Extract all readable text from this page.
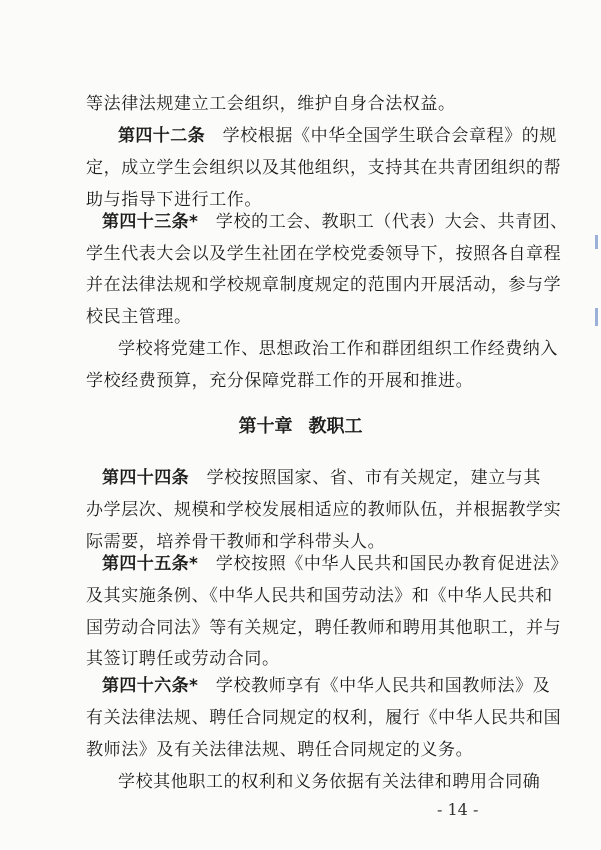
等法律法规建立工会组织，维护自身合法权益。
第四十二条　学校根据《中华全国学生联合会章程》的规
定，成立学生会组织以及其他组织，支持其在共青团组织的帮
助与指导下进行工作。
第四十三条*　学校的工会、教职工（代表）大会、共青团、
学生代表大会以及学生社团在学校党委领导下，按照各自章程
并在法律法规和学校规章制度规定的范围内开展活动，参与学
校民主管理。
学校将党建工作、思想政治工作和群团组织工作经费纳入
学校经费预算，充分保障党群工作的开展和推进。
第十章 教职工
第四十四条　学校按照国家、省、市有关规定，建立与其
办学层次、规模和学校发展相适应的教师队伍，并根据教学实
际需要，培养骨干教师和学科带头人。
第四十五条*　学校按照《中华人民共和国民办教育促进法》
及其实施条例、《中华人民共和国劳动法》和《中华人民共和
国劳动合同法》等有关规定，聘任教师和聘用其他职工，并与
其签订聘任或劳动合同。
第四十六条*　学校教师享有《中华人民共和国教师法》及
有关法律法规、聘任合同规定的权利，履行《中华人民共和国
教师法》及有关法律法规、聘任合同规定的义务。
学校其他职工的权利和义务依据有关法律和聘用合同确
- 14 -
